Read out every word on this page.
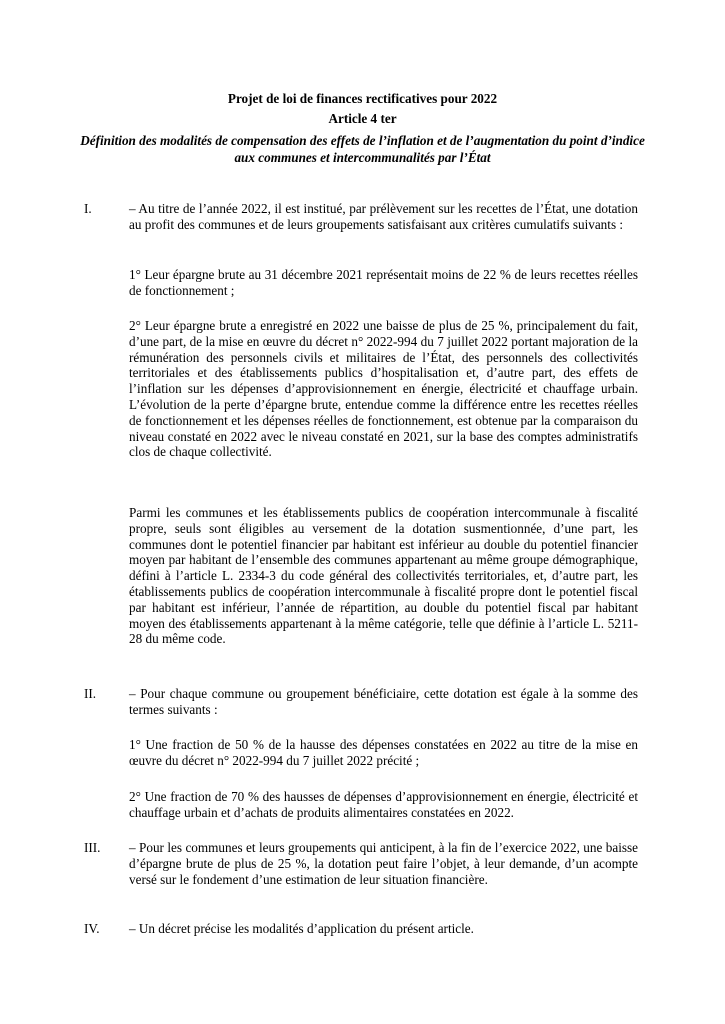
Projet de loi de finances rectificatives pour 2022
Article 4 ter
Définition des modalités de compensation des effets de l’inflation et de l’augmentation du point d’indice aux communes et intercommunalités par l’État
I.	– Au titre de l’année 2022, il est institué, par prélèvement sur les recettes de l’État, une dotation au profit des communes et de leurs groupements satisfaisant aux critères cumulatifs suivants :
1° Leur épargne brute au 31 décembre 2021 représentait moins de 22 % de leurs recettes réelles de fonctionnement ;
2° Leur épargne brute a enregistré en 2022 une baisse de plus de 25 %, principalement du fait, d’une part, de la mise en œuvre du décret n° 2022-994 du 7 juillet 2022 portant majoration de la rémunération des personnels civils et militaires de l’État, des personnels des collectivités territoriales et des établissements publics d’hospitalisation et, d’autre part, des effets de l’inflation sur les dépenses d’approvisionnement en énergie, électricité et chauffage urbain. L’évolution de la perte d’épargne brute, entendue comme la différence entre les recettes réelles de fonctionnement et les dépenses réelles de fonctionnement, est obtenue par la comparaison du niveau constaté en 2022 avec le niveau constaté en 2021, sur la base des comptes administratifs clos de chaque collectivité.
Parmi les communes et les établissements publics de coopération intercommunale à fiscalité propre, seuls sont éligibles au versement de la dotation susmentionnée, d’une part, les communes dont le potentiel financier par habitant est inférieur au double du potentiel financier moyen par habitant de l’ensemble des communes appartenant au même groupe démographique, défini à l’article L. 2334-3 du code général des collectivités territoriales, et, d’autre part, les établissements publics de coopération intercommunale à fiscalité propre dont le potentiel fiscal par habitant est inférieur, l’année de répartition, au double du potentiel fiscal par habitant moyen des établissements appartenant à la même catégorie, telle que définie à l’article L. 5211-28 du même code.
II. – Pour chaque commune ou groupement bénéficiaire, cette dotation est égale à la somme des termes suivants :
1° Une fraction de 50 % de la hausse des dépenses constatées en 2022 au titre de la mise en œuvre du décret n° 2022-994 du 7 juillet 2022 précité ;
2° Une fraction de 70 % des hausses de dépenses d’approvisionnement en énergie, électricité et chauffage urbain et d’achats de produits alimentaires constatées en 2022.
III. – Pour les communes et leurs groupements qui anticipent, à la fin de l’exercice 2022, une baisse d’épargne brute de plus de 25 %, la dotation peut faire l’objet, à leur demande, d’un acompte versé sur le fondement d’une estimation de leur situation financière.
IV. – Un décret précise les modalités d’application du présent article.
